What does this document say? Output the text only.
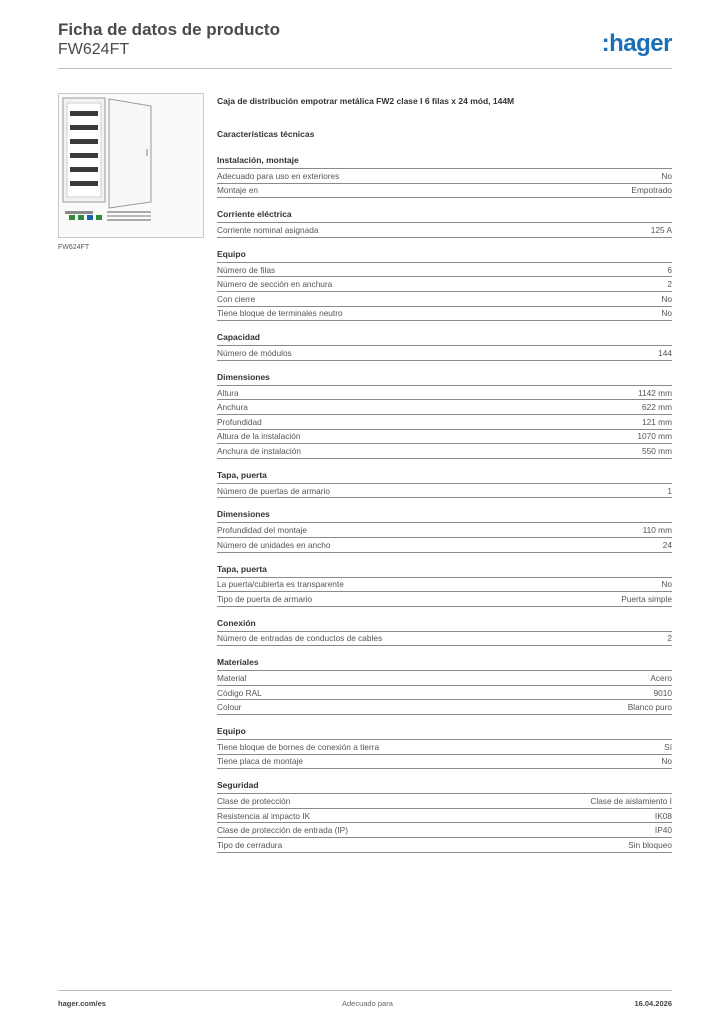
Ficha de datos de producto
FW624FT	:hager
FW624FT
Caja de distribución empotrar metálica FW2 clase I 6 filas x 24 mód, 144M
Características técnicas
Instalación, montaje
Adecuado para uso en exteriores	No
Montaje en	Empotrado
Corriente eléctrica
Corriente nominal asignada	125 A
Equipo
Número de filas	6
Número de sección en anchura	2
Con cierre	No
Tiene bloque de terminales neutro	No
Capacidad
Número de módulos	144
Dimensiones
Altura	1142 mm
Anchura	622 mm
Profundidad	121 mm
Altura de la instalación	1070 mm
Anchura de instalación	550 mm
Tapa, puerta
Número de puertas de armario	1
Dimensiones
Profundidad del montaje	110 mm
Número de unidades en ancho	24
Tapa, puerta
La puerta/cubierta es transparente	No
Tipo de puerta de armario	Puerta simple
Conexión
Número de entradas de conductos de cables	2
Materiales
Material	Acero
Código RAL	9010
Colour	Blanco puro
Equipo
Tiene bloque de bornes de conexión a tierra	Sí
Tiene placa de montaje	No
Seguridad
Clase de protección	Clase de aislamiento I
Resistencia al impacto IK	IK08
Clase de protección de entrada (IP)	IP40
Tipo de cerradura	Sin bloqueo
hager.com/es	Adecuado para	16.04.2026
